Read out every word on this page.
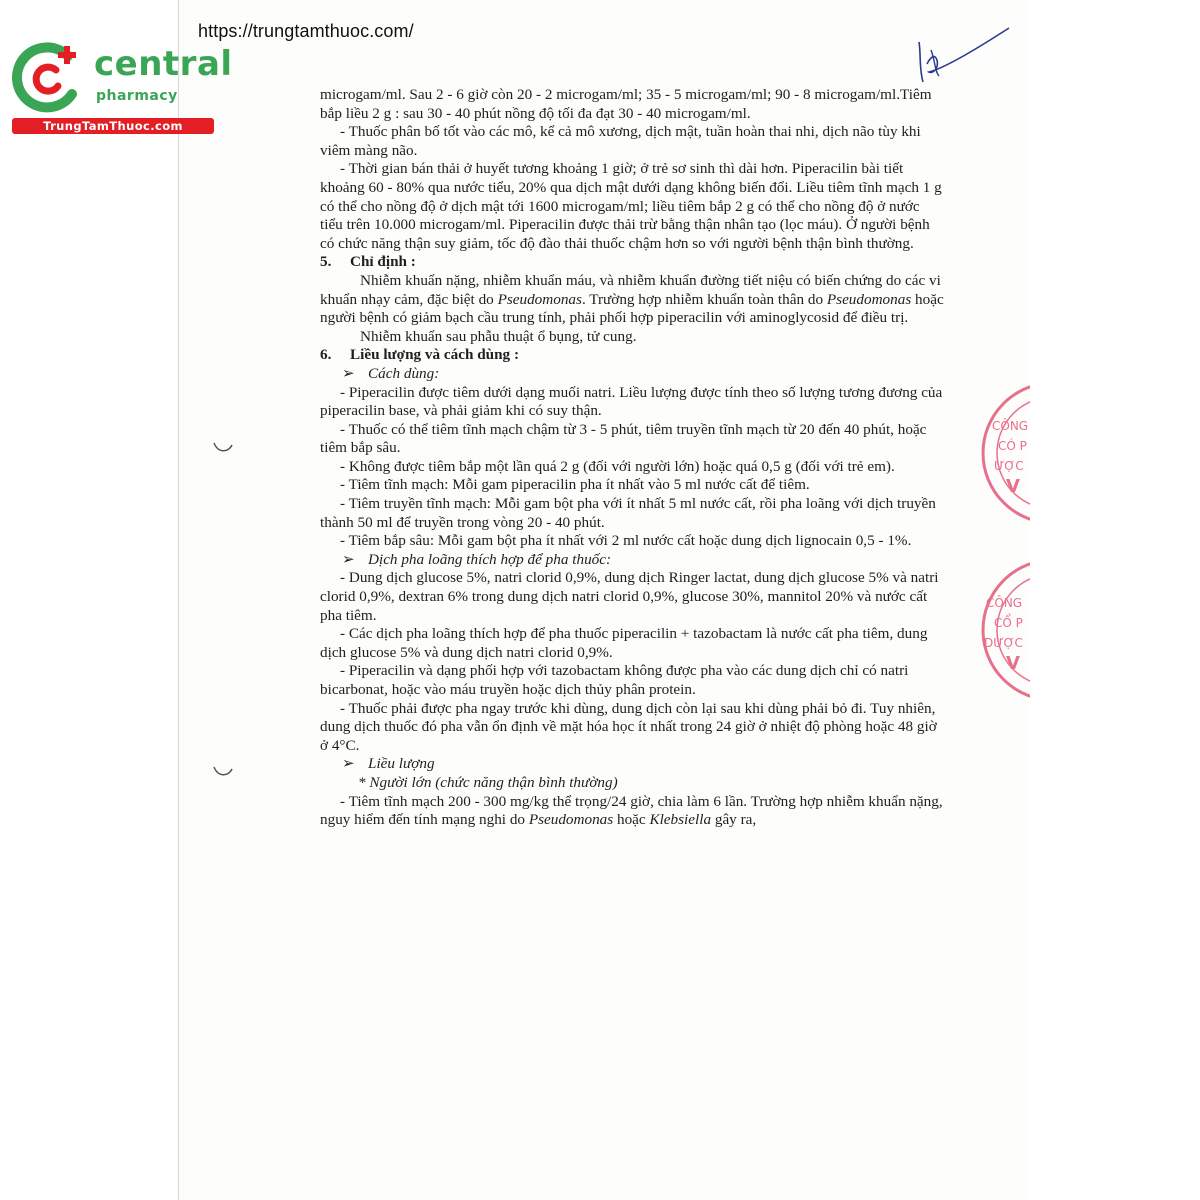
https://trungtamthuoc.com/
central
pharmacy
TrungTamThuoc.com
CÔNG
CÓ P
ƯỢC
V
CÔNG
CỔ P
DƯỢC
V

microgam/ml. Sau 2 - 6 giờ còn 20 - 2 microgam/ml; 35 - 5 microgam/ml; 90 - 8 microgam/ml.Tiêm bắp liều 2 g : sau 30 - 40 phút nồng độ tối đa đạt 30 - 40 microgam/ml.

- Thuốc phân bố tốt vào các mô, kể cả mô xương, dịch mật, tuần hoàn thai nhi, dịch não tùy khi viêm màng não.

- Thời gian bán thải ở huyết tương khoảng 1 giờ; ở trẻ sơ sinh thì dài hơn. Piperacilin bài tiết khoảng 60 - 80% qua nước tiểu, 20% qua dịch mật dưới dạng không biến đổi. Liều tiêm tĩnh mạch 1 g có thể cho nồng độ ở dịch mật tới 1600 microgam/ml; liều tiêm bắp 2 g có thể cho nồng độ ở nước tiểu trên 10.000 microgam/ml. Piperacilin được thải trừ bằng thận nhân tạo (lọc máu). Ở người bệnh có chức năng thận suy giảm, tốc độ đào thải thuốc chậm hơn so với người bệnh thận bình thường.

5. Chỉ định :

Nhiễm khuẩn nặng, nhiễm khuẩn máu, và nhiễm khuẩn đường tiết niệu có biến chứng do các vi khuẩn nhạy cảm, đặc biệt do Pseudomonas. Trường hợp nhiễm khuẩn toàn thân do Pseudomonas hoặc người bệnh có giảm bạch cầu trung tính, phải phối hợp piperacilin với aminoglycosid để điều trị.

Nhiễm khuẩn sau phẫu thuật ổ bụng, tử cung.

6. Liều lượng và cách dùng :

➢ Cách dùng:

- Piperacilin được tiêm dưới dạng muối natri. Liều lượng được tính theo số lượng tương đương của piperacilin base, và phải giảm khi có suy thận.

- Thuốc có thể tiêm tĩnh mạch chậm từ 3 - 5 phút, tiêm truyền tĩnh mạch từ 20 đến 40 phút, hoặc tiêm bắp sâu.

- Không được tiêm bắp một lần quá 2 g (đối với người lớn) hoặc quá 0,5 g (đối với trẻ em).

- Tiêm tĩnh mạch: Mỗi gam piperacilin pha ít nhất vào 5 ml nước cất để tiêm.

- Tiêm truyền tĩnh mạch: Mỗi gam bột pha với ít nhất 5 ml nước cất, rồi pha loãng với dịch truyền thành 50 ml để truyền trong vòng 20 - 40 phút.

- Tiêm bắp sâu: Mỗi gam bột pha ít nhất với 2 ml nước cất hoặc dung dịch lignocain 0,5 - 1%.

➢ Dịch pha loãng thích hợp để pha thuốc:

- Dung dịch glucose 5%, natri clorid 0,9%, dung dịch Ringer lactat, dung dịch glucose 5% và natri clorid 0,9%, dextran 6% trong dung dịch natri clorid 0,9%, glucose 30%, mannitol 20% và nước cất pha tiêm.

- Các dịch pha loãng thích hợp để pha thuốc piperacilin + tazobactam là nước cất pha tiêm, dung dịch glucose 5% và dung dịch natri clorid 0,9%.

- Piperacilin và dạng phối hợp với tazobactam không được pha vào các dung dịch chỉ có natri bicarbonat, hoặc vào máu truyền hoặc dịch thủy phân protein.

- Thuốc phải được pha ngay trước khi dùng, dung dịch còn lại sau khi dùng phải bỏ đi. Tuy nhiên, dung dịch thuốc đó pha vẫn ổn định về mặt hóa học ít nhất trong 24 giờ ở nhiệt độ phòng hoặc 48 giờ ở 4°C.

➢ Liều lượng

* Người lớn (chức năng thận bình thường)

- Tiêm tĩnh mạch 200 - 300 mg/kg thể trọng/24 giờ, chia làm 6 lần. Trường hợp nhiễm khuẩn nặng, nguy hiểm đến tính mạng nghi do Pseudomonas hoặc Klebsiella gây ra,
